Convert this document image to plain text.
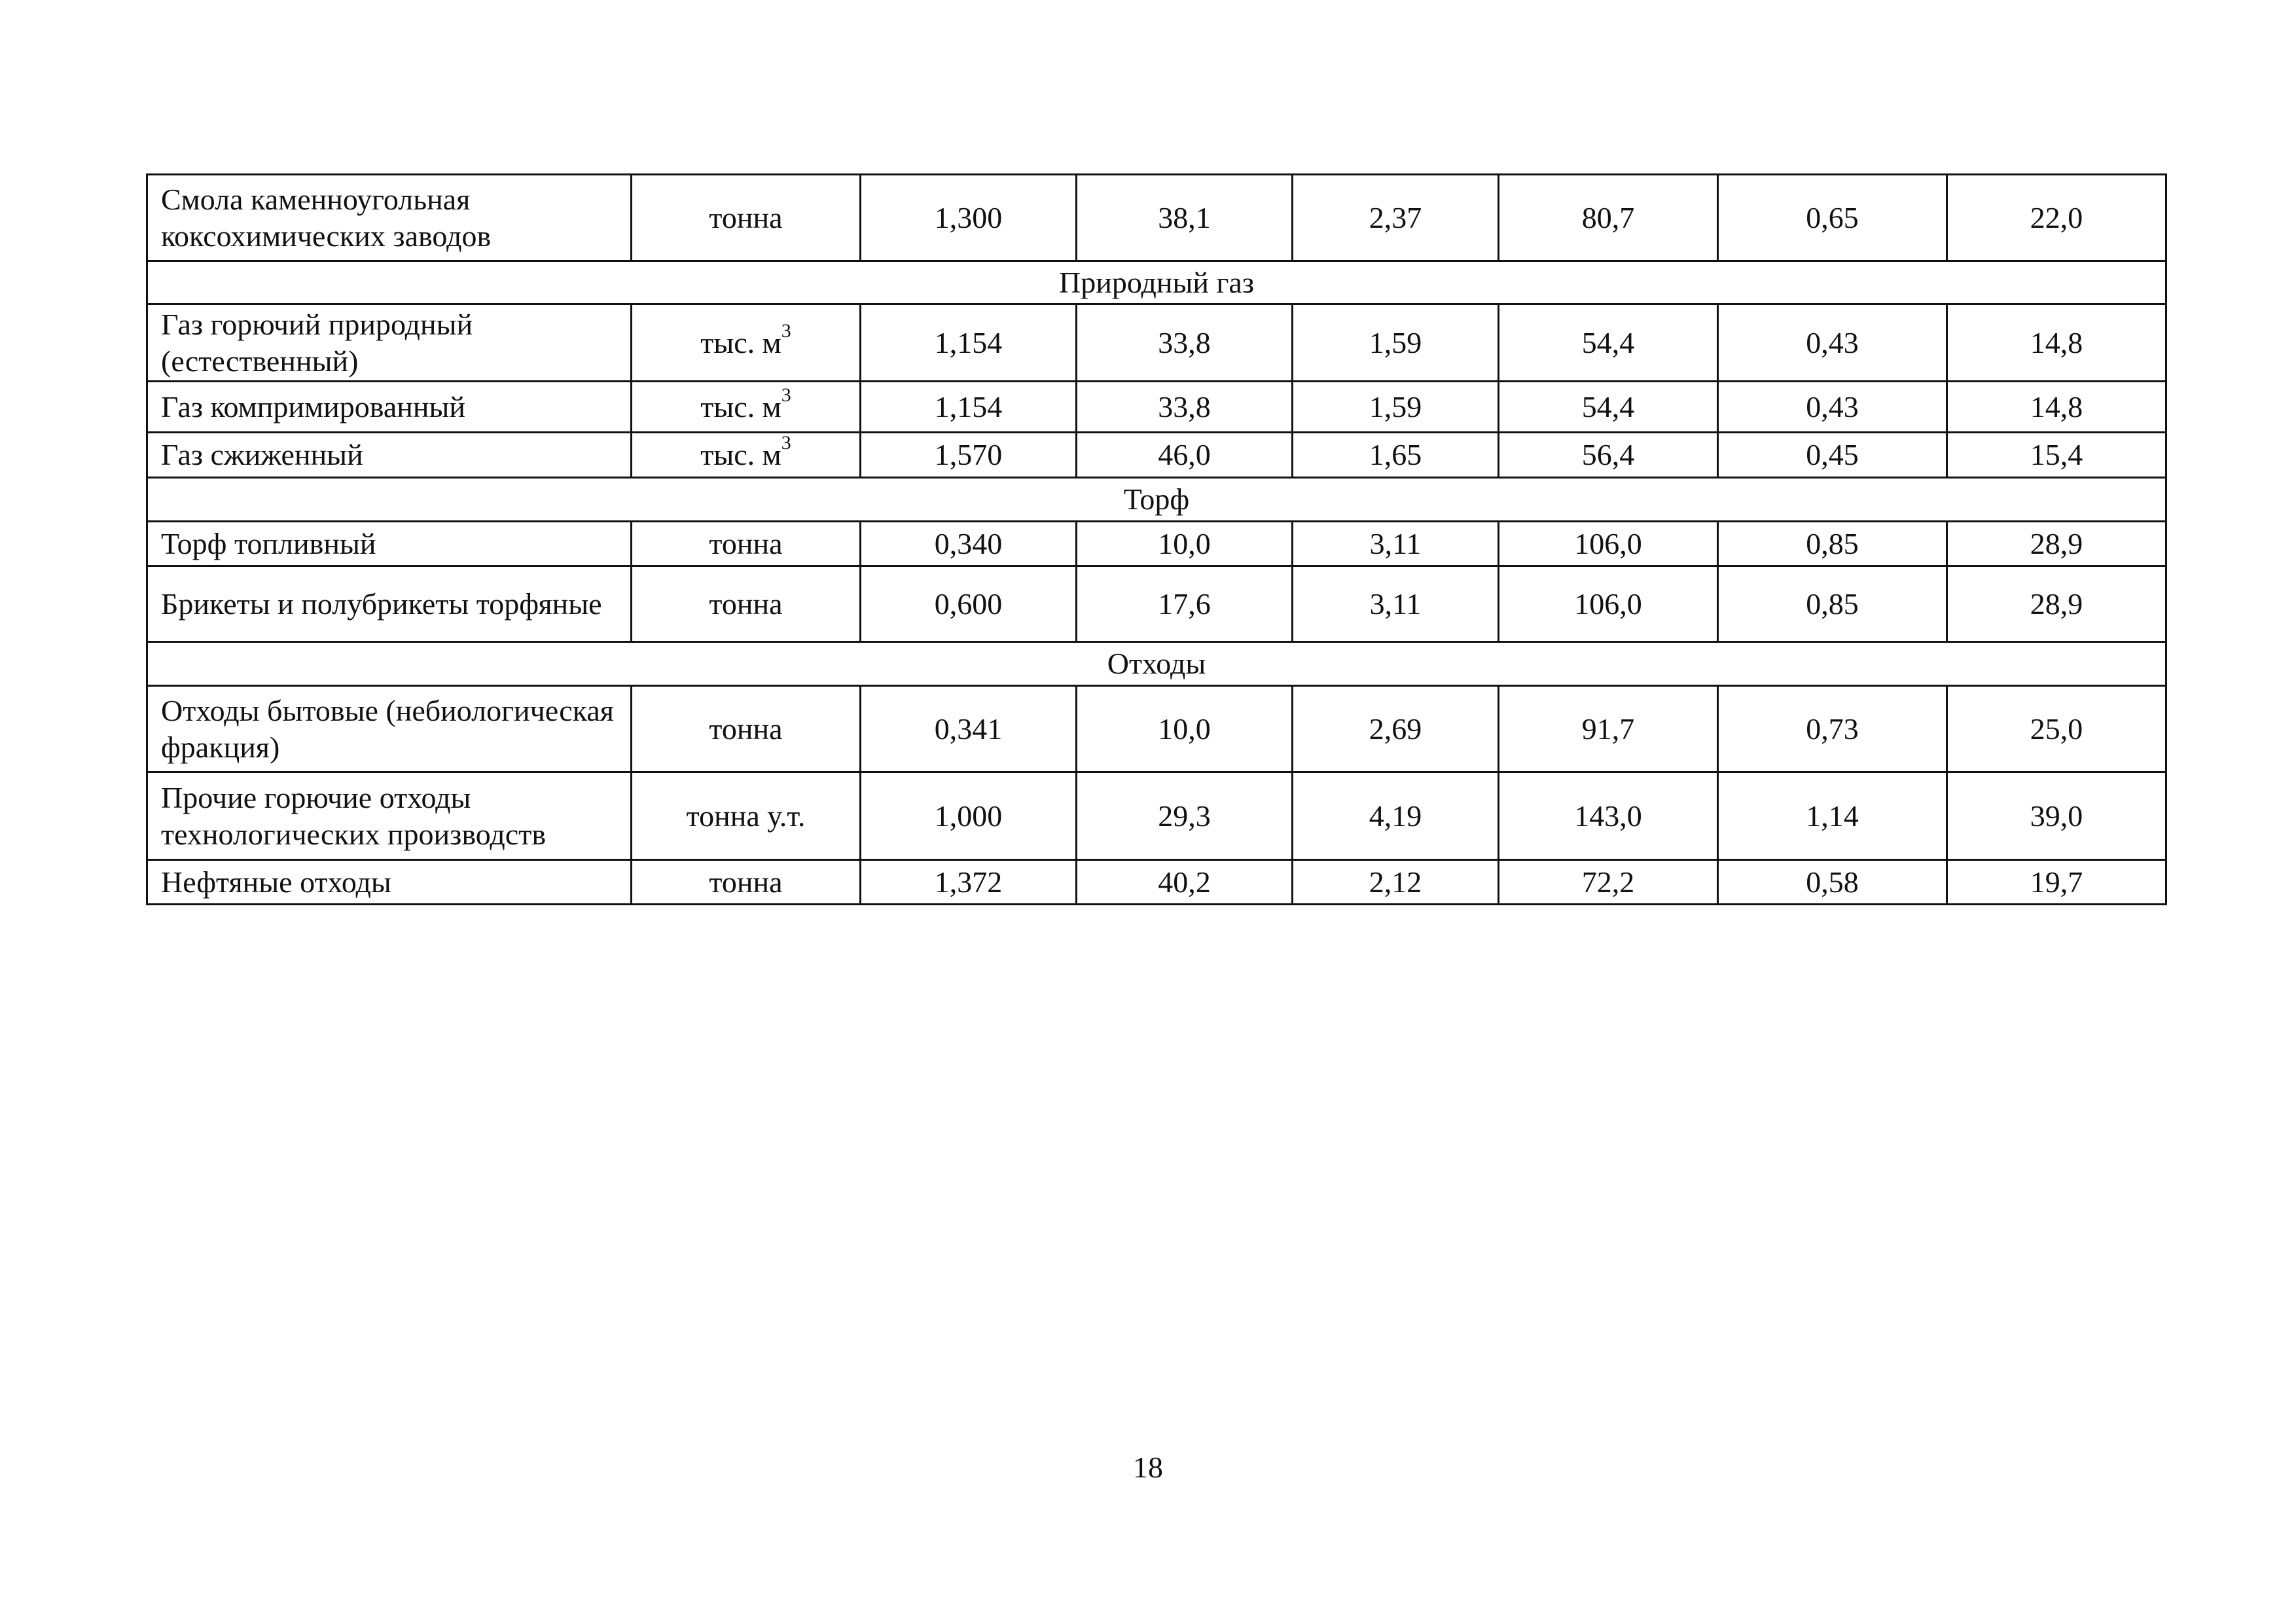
Смола каменноугольная коксохимических заводов	тонна	1,300	38,1	2,37	80,7	0,65	22,0
Природный газ							
Газ горючий природный (естественный)	тыс. $м^3$	1,154	33,8	1,59	54,4	0,43	14,8
Газ компримированный	тыс. $м^3$	1,154	33,8	1,59	54,4	0,43	14,8
Газ сжиженный	тыс. $м^3$	1,570	46,0	1,65	56,4	0,45	15,4
Торф							
Торф топливный	тонна	0,340	10,0	3,11	106,0	0,85	28,9
Брикеты и полубрикеты торфяные	тонна	0,600	17,6	3,11	106,0	0,85	28,9
Отходы							
Отходы бытовые (небиологическая фракция)	тонна	0,341	10,0	2,69	91,7	0,73	25,0
Прочие горючие отходы технологических производств	тонна у.т.	1,000	29,3	4,19	143,0	1,14	39,0
Нефтяные отходы	тонна	1,372	40,2	2,12	72,2	0,58	19,7
18
